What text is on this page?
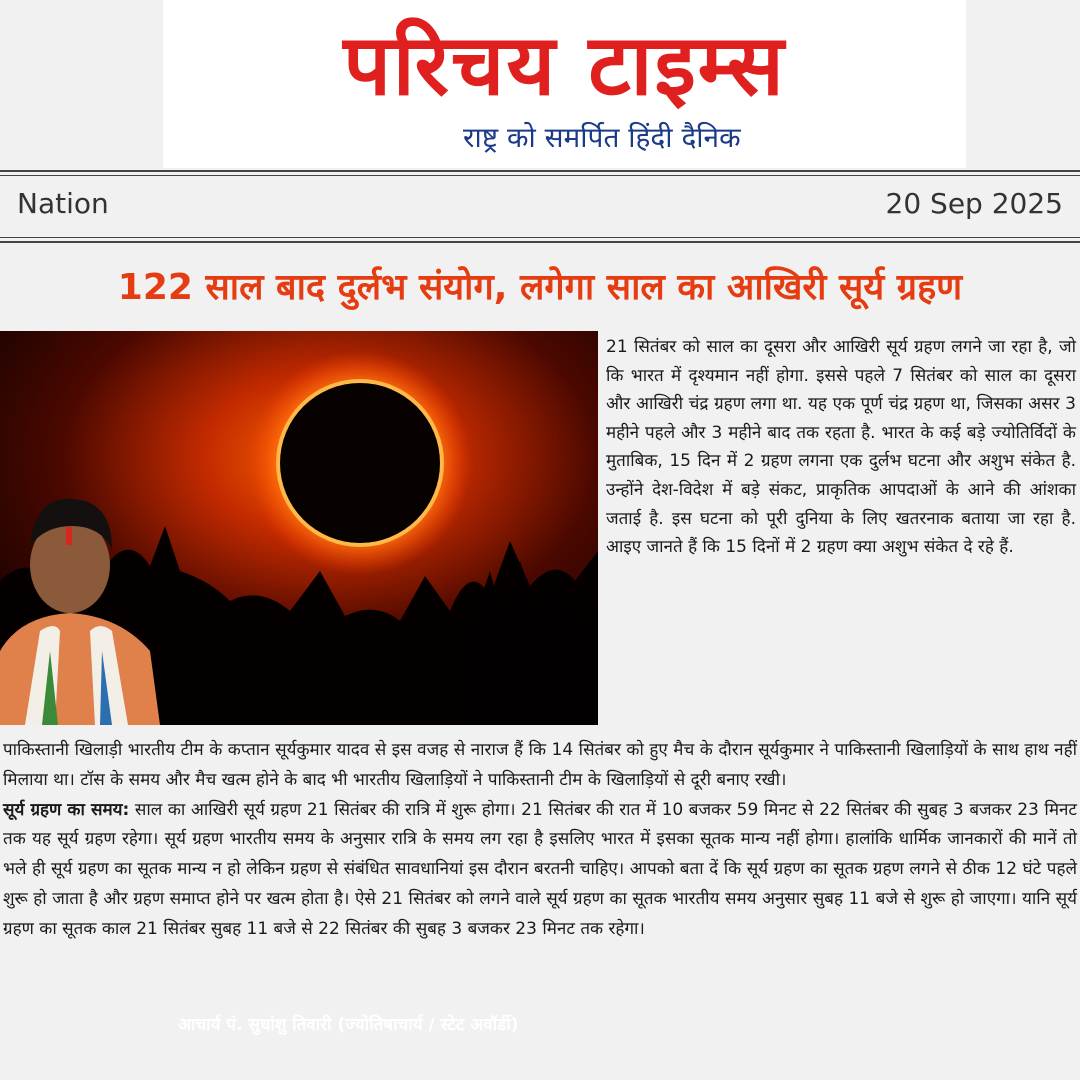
परिचय टाइम्स
राष्ट्र को समर्पित हिंदी दैनिक
Nation	20 Sep 2025
122 साल बाद दुर्लभ संयोग, लगेगा साल का आखिरी सूर्य ग्रहण
आचार्य पं. सुधांशु तिवारी (ज्योतिषाचार्य / स्टेट अवॉर्डी)
21 सितंबर को साल का दूसरा और आखिरी सूर्य ग्रहण लगने जा रहा है, जो कि भारत में दृश्यमान नहीं होगा. इससे पहले 7 सितंबर को साल का दूसरा और आखिरी चंद्र ग्रहण लगा था. यह एक पूर्ण चंद्र ग्रहण था, जिसका असर 3 महीने पहले और 3 महीने बाद तक रहता है. भारत के कई बड़े ज्योतिर्विदों के मुताबिक, 15 दिन में 2 ग्रहण लगना एक दुर्लभ घटना और अशुभ संकेत है. उन्होंने देश-विदेश में बड़े संकट, प्राकृतिक आपदाओं के आने की आंशका जताई है. इस घटना को पूरी दुनिया के लिए खतरनाक बताया जा रहा है. आइए जानते हैं कि 15 दिनों में 2 ग्रहण क्या अशुभ संकेत दे रहे हैं.

पाकिस्तानी खिलाड़ी भारतीय टीम के कप्तान सूर्यकुमार यादव से इस वजह से नाराज हैं कि 14 सितंबर को हुए मैच के दौरान सूर्यकुमार ने पाकिस्तानी खिलाड़ियों के साथ हाथ नहीं मिलाया था। टॉस के समय और मैच खत्म होने के बाद भी भारतीय खिलाड़ियों ने पाकिस्तानी टीम के खिलाड़ियों से दूरी बनाए रखी।

सूर्य ग्रहण का समय: साल का आखिरी सूर्य ग्रहण 21 सितंबर की रात्रि में शुरू होगा। 21 सितंबर की रात में 10 बजकर 59 मिनट से 22 सितंबर की सुबह 3 बजकर 23 मिनट तक यह सूर्य ग्रहण रहेगा। सूर्य ग्रहण भारतीय समय के अनुसार रात्रि के समय लग रहा है इसलिए भारत में इसका सूतक मान्य नहीं होगा। हालांकि धार्मिक जानकारों की मानें तो भले ही सूर्य ग्रहण का सूतक मान्य न हो लेकिन ग्रहण से संबंधित सावधानियां इस दौरान बरतनी चाहिए। आपको बता दें कि सूर्य ग्रहण का सूतक ग्रहण लगने से ठीक 12 घंटे पहले शुरू हो जाता है और ग्रहण समाप्त होने पर खत्म होता है। ऐसे 21 सितंबर को लगने वाले सूर्य ग्रहण का सूतक भारतीय समय अनुसार सुबह 11 बजे से शुरू हो जाएगा। यानि सूर्य ग्रहण का सूतक काल 21 सितंबर सुबह 11 बजे से 22 सितंबर की सुबह 3 बजकर 23 मिनट तक रहेगा।
